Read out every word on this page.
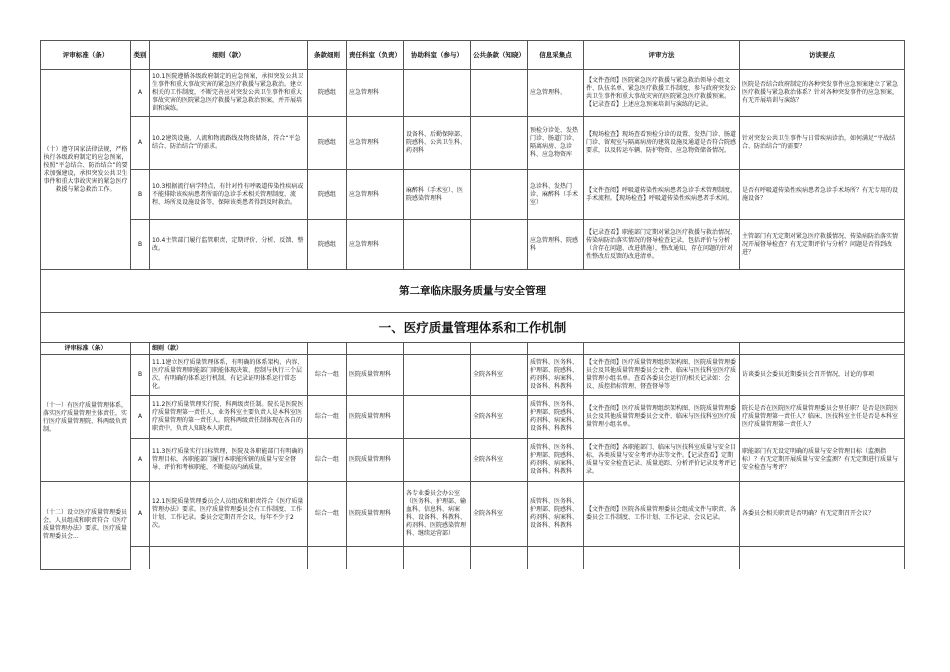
评审标准（条）	类别	细则（款）	条款细则	责任科室（负责）	协助科室（参与）	公共条款（知晓）	信息采集点	评审方法	访谈要点
（十）遵守国家法律法规，严格执行各级政府制定的应急预案，按照“平急结合、防治结合”的要求加强建设，承担突发公共卫生事件和重大事故灾害的紧急医疗救援与紧急救治工作。	A	10.1医院遵循各级政府制定的应急预案，承担突发公共卫生事件和重大事故灾害的紧急医疗救援与紧急救治。建立相关的工作制度，不断完善应对突发公共卫生事件和重大事故灾害的医院紧急医疗救援与紧急救治预案，并开展培训和演练。	院感组	应急管理科			应急管理科、	【文件查阅】医院紧急医疗救援与紧急救治领导小组文件、队伍名单、紧急医疗救援工作制度、参与政府突发公共卫生事件和重大事故灾害的医院紧急医疗救援预案。【记录查看】上述应急预案培训与演练的记录。	医院是否结合政府制定的各种突发事件应急预案建立了紧急医疗救援与紧急救治体系？针对各种突发事件的应急预案，有无开展培训与演练？
	A	10.2建筑设施、人流和物流路线及物资储备，符合“平急结合、防治结合”的需求。	院感组	应急管理科	设备科、后勤保障部、院感科、公共卫生科、药剂科		预检分诊处、发热门诊、肠道门诊、隔离病房、急诊科、应急物资库	【现场检查】现场查看预检分诊的设置、发热门诊、肠道门诊、留观室与隔离病房的建筑设施及通道是否符合院感要求，以及转运车辆、防护物资、应急物资储备情况。	针对突发公共卫生事件与日常疾病诊治，如何满足“平战结合、防治结合”的需要？
	B	10.3根据流行病学特点，有针对性有呼吸道传染性疾病或不能排除该疾病患者所需的急诊手术相关管理制度、流程、场所及设施设备等，保障该类患者得到及时救治。	院感组	应急管理科	麻醉科（手术室）、医院感染管理科		急诊科、发热门诊、麻醉科（手术室）	【文件查阅】呼吸道传染性疾病患者急诊手术管理制度、手术流程。【现场检查】呼吸道传染性疾病患者手术间。	是否有呼吸道传染性疾病患者急诊手术场所？有无专用的设施设备？
	B	10.4主管部门履行监管职责，定期评价、分析、反馈、整改。	院感组	应急管理科			应急管理科、院感科	【记录查看】职能部门定期对紧急医疗救援与救治情况、传染病防治落实情况的督导检查记录，包括评价与分析（含存在问题、改进措施），整改通知，存在问题的针对性整改后反馈的改进清单。	主管部门有无定期对紧急医疗救援情况、传染病防治落实情况开展督导检查？有无定期评价与分析？问题是否得到改进？
第二章临床服务质量与安全管理									
一、医疗质量管理体系和工作机制									
评审标准（条）		细则（款）							
（十一）有医疗质量管理体系，落实医疗质量管理主体责任，实行医疗质量管理院、科两级负责制。	B	11.1建立医疗质量管理体系，有明确的体系架构、内容、医疗质量管理职能部门职能体现决策、控制与执行三个层次。有明确的体系运行机制，有记录证明体系运行常态化。	综合一组	医院质量管理科		全院各科室	质管科、医务科、护理部、院感科、药剂科、病案科、设备科、科教科	【文件查阅】医疗质量管理组织架构图、医院质量管理委员会及其他质量管理委员会文件、临床与医技科室医疗质量管理小组名单。查看各委员会运行的相关记录如：会议、质控指标管理、督查督导等	访谈委员会委员近期委员会召开情况，讨论的事项
	A	11.2医疗质量管理实行院、科两级责任制。院长是医院医疗质量管理第一责任人，业务科室主要负责人是本科室医疗质量管理的第一责任人。院科两级责任制体现在各自的职责中，负责人知晓本人职责。	综合一组	医院质量管理科		全院各科室	质管科、医务科、护理部、院感科、药剂科、病案科、设备科、科教科	【文件查阅】医疗质量管理组织架构图、医院质量管理委员会及其他质量管理委员会文件、临床与医技科室医疗质量管理小组名单。	院长是否在医院医疗质量管理委员会里任职？是否是医院医疗质量管理第一责任人？临床、医技科室主任是否是本科室医疗质量管理第一责任人？
	A	11.3医疗质量实行目标管理，医院及各职能部门有明确的管理目标，各职能部门履行本职能所辖的质量与安全督导、评价和考核职能，不断提高内涵质量。	综合一组	医院质量管理科		全院各科室	质管科、医务科、护理部、院感科、药剂科、病案科、设备科、科教科	【文件查阅】各职能部门、临床与医技科室质量与安全目标，各类质量与安全考评办法等文件。【记录查看】定期质量与安全检查记录、质量追踪、分析评价记录及考评记录。	职能部门有无设定明确的质量与安全管理目标（监测指标）？有无定期开展质量与安全监测？有无定期进行质量与安全检查与考评？
（十二）设立医疗质量管理委员会，人员组成和职责符合《医疗质量管理办法》要求。医疗质量管理委员会...	A	12.1医院质量管理委员会人员组成和职责符合《医疗质量管理办法》要求。医疗质量管理委员会有工作制度、工作计划、工作记录。委员会定期召开会议，每年不少于2次。	综合一组	医院质量管理科	各专业委员会办公室（医务科、护理部、输血科、信息科、病案科、设备科、科教科、药剂科、医院感染管理科、继续运营部）	全院各科室	质管科、医务科、护理部、院感科、药剂科、病案科、设备科、科教科	【文件查阅】医院各质量管理委员会组成文件与职责、各委员会工作制度、工作计划、工作记录、会议记录。	各委员会相关职责是否明确？有无定期召开会议？
